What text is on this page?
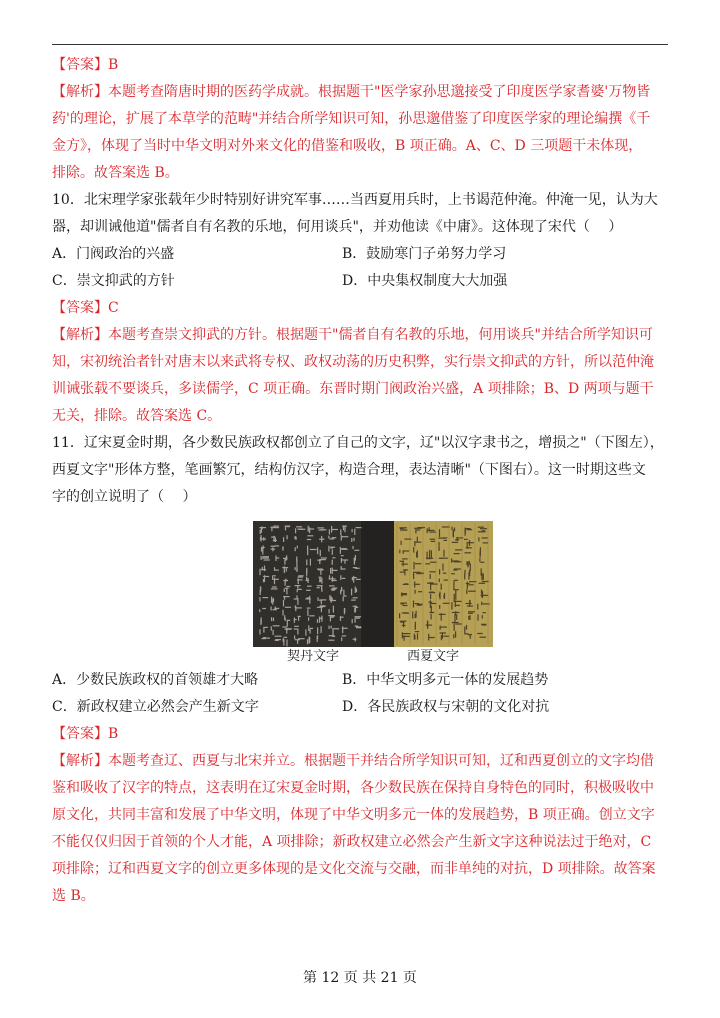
【答案】B
【解析】本题考查隋唐时期的医药学成就。根据题干"医学家孙思邈接受了印度医学家耆婆'万物皆
药'的理论，扩展了本草学的范畴"并结合所学知识可知，孙思邈借鉴了印度医学家的理论编撰《千
金方》，体现了当时中华文明对外来文化的借鉴和吸收，B 项正确。A、C、D 三项题干未体现，
排除。故答案选 B。
10．北宋理学家张载年少时特别好讲究军事……当西夏用兵时，上书谒范仲淹。仲淹一见，认为大
器，却训诫他道"儒者自有名教的乐地，何用谈兵"，并劝他读《中庸》。这体现了宋代（　 ）
A．门阀政治的兴盛	B．鼓励寒门子弟努力学习
C．崇文抑武的方针	D．中央集权制度大大加强
【答案】C
【解析】本题考查崇文抑武的方针。根据题干"儒者自有名教的乐地，何用谈兵"并结合所学知识可
知，宋初统治者针对唐末以来武将专权、政权动荡的历史积弊，实行崇文抑武的方针，所以范仲淹
训诫张载不要谈兵，多读儒学，C 项正确。东晋时期门阀政治兴盛，A 项排除；B、D 两项与题干
无关，排除。故答案选 C。
11．辽宋夏金时期，各少数民族政权都创立了自己的文字，辽"以汉字隶书之，增损之"（下图左），
西夏文字"形体方整，笔画繁冗，结构仿汉字，构造合理，表达清晰"（下图右）。这一时期这些文
字的创立说明了（　 ）
契丹文字	西夏文字
A．少数民族政权的首领雄才大略	B．中华文明多元一体的发展趋势
C．新政权建立必然会产生新文字	D．各民族政权与宋朝的文化对抗
【答案】B
【解析】本题考查辽、西夏与北宋并立。根据题干并结合所学知识可知，辽和西夏创立的文字均借
鉴和吸收了汉字的特点，这表明在辽宋夏金时期，各少数民族在保持自身特色的同时，积极吸收中
原文化，共同丰富和发展了中华文明，体现了中华文明多元一体的发展趋势，B 项正确。创立文字
不能仅仅归因于首领的个人才能，A 项排除；新政权建立必然会产生新文字这种说法过于绝对，C
项排除；辽和西夏文字的创立更多体现的是文化交流与交融，而非单纯的对抗，D 项排除。故答案
选 B。
第 12 页 共 21 页
